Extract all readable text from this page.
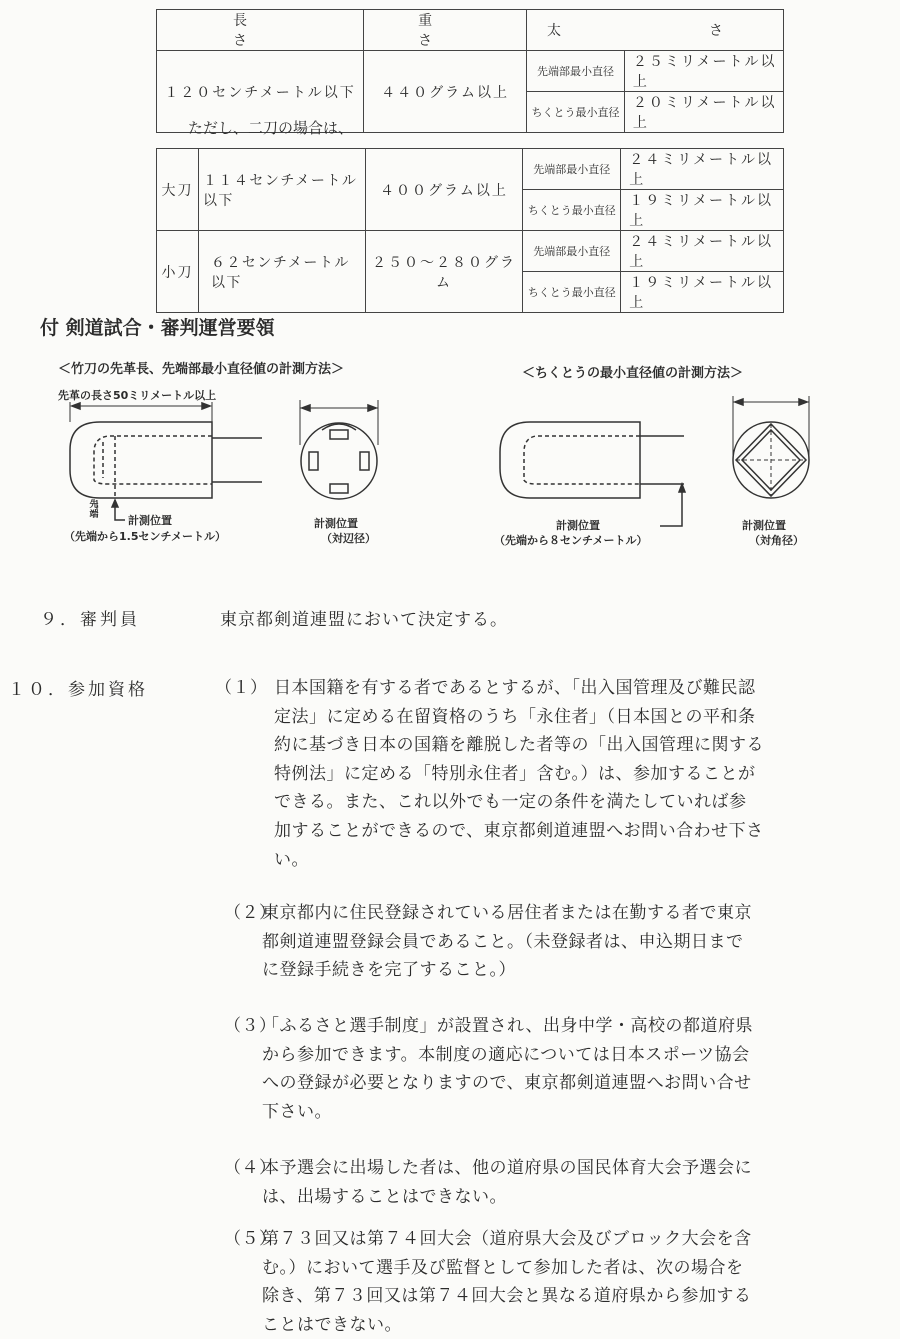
長　　さ	重　　さ	太　　さ	
１２０センチメートル以下	４４０グラム以上	先端部最小直径	２５ミリメートル以上
		ちくとう最小直径	２０ミリメートル以上
ただし、二刀の場合は、
大刀	１１４センチメートル以下	４００グラム以上	先端部最小直径	２４ミリメートル以上
			ちくとう最小直径	１９ミリメートル以上
小刀	６２センチメートル以下	２５０～２８０グラム	先端部最小直径	２４ミリメートル以上
			ちくとう最小直径	１９ミリメートル以上
付 剣道試合・審判運営要領
＜竹刀の先革長、先端部最小直径値の計測方法＞	＜ちくとうの最小直径値の計測方法＞
先革の長さ50ミリメートル以上
先端	計測位置
（先端から1.5センチメートル）
計測位置
（対辺径）
計測位置
（先端から８センチメートル）
計測位置
（対角径）
９．審判員	東京都剣道連盟において決定する。
１０．参加資格	（１） 日本国籍を有する者であるとするが、「出入国管理及び難民認
定法」に定める在留資格のうち「永住者」（日本国との平和条
約に基づき日本の国籍を離脱した者等の「出入国管理に関する
特例法」に定める「特別永住者」含む。）は、参加することが
できる。また、これ以外でも一定の条件を満たしていれば参
加することができるので、東京都剣道連盟へお問い合わせ下さ
い。
（２）
東京都内に住民登録されている居住者または在勤する者で東京
都剣道連盟登録会員であること。（未登録者は、申込期日まで
に登録手続きを完了すること。）
（３）
「ふるさと選手制度」が設置され、出身中学・高校の都道府県
から参加できます。本制度の適応については日本スポーツ協会
への登録が必要となりますので、東京都剣道連盟へお問い合せ
下さい。
（４）
本予選会に出場した者は、他の道府県の国民体育大会予選会に
は、出場することはできない。
（５）
第７３回又は第７４回大会（道府県大会及びブロック大会を含
む。）において選手及び監督として参加した者は、次の場合を
除き、第７３回又は第７４回大会と異なる道府県から参加する
ことはできない。
